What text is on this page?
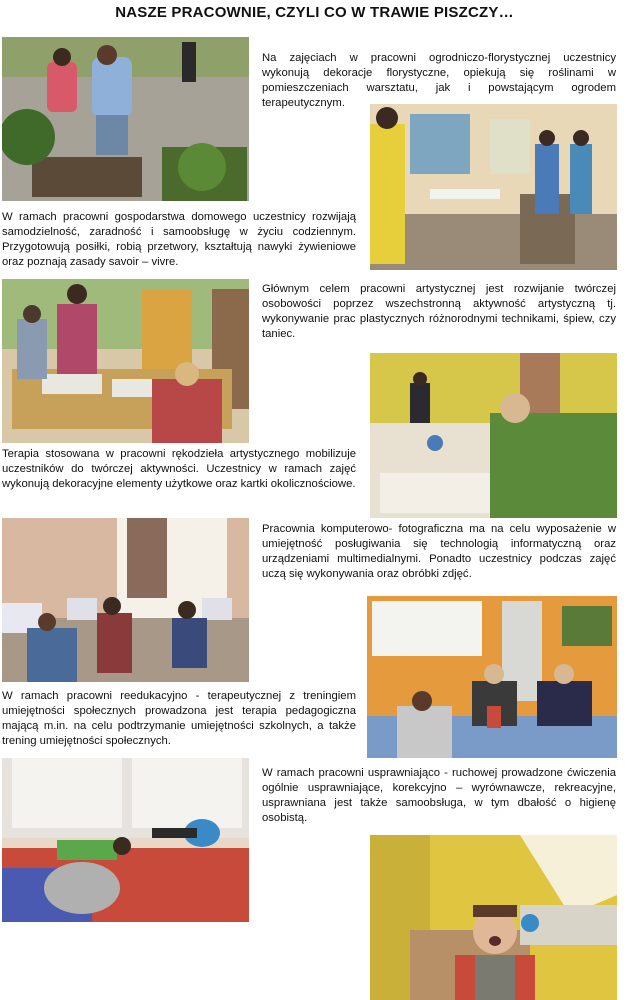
NASZE PRACOWNIE, CZYLI CO W TRAWIE PISZCZY…
Na zajęciach w pracowni ogrodniczo-florystycznej uczestnicy wykonują dekoracje florystyczne, opiekują się roślinami w pomieszczeniach warsztatu, jak i powstającym ogrodem terapeutycznym.
W ramach pracowni gospodarstwa domowego uczestnicy rozwijają samodzielność, zaradność i samoobsługę w życiu codziennym. Przygotowują posiłki, robią przetwory, kształtują nawyki żywieniowe oraz poznają zasady savoir – vivre.
Głównym celem pracowni artystycznej jest rozwijanie twórczej osobowości poprzez wszechstronną aktywność artystyczną tj. wykonywanie prac plastycznych różnorodnymi technikami, śpiew, czy taniec.
Terapia stosowana w pracowni rękodzieła artystycznego mobilizuje uczestników do twórczej aktywności. Uczestnicy w ramach zajęć wykonują dekoracyjne elementy użytkowe oraz kartki okolicznościowe.
Pracownia komputerowo- fotograficzna ma na celu wyposażenie w umiejętność posługiwania się technologią informatyczną oraz urządzeniami multimedialnymi. Ponadto uczestnicy podczas zajęć uczą się wykonywania oraz obróbki zdjęć.
W ramach pracowni reedukacyjno - terapeutycznej z treningiem umiejętności społecznych prowadzona jest terapia pedagogiczna mającą m.in. na celu podtrzymanie umiejętności szkolnych, a także trening umiejętności społecznych.
W ramach pracowni usprawniająco - ruchowej prowadzone ćwiczenia ogólnie usprawniające, korekcyjno – wyrównawcze, rekreacyjne, usprawniana jest także samoobsługa, w tym dbałość o higienę osobistą.
